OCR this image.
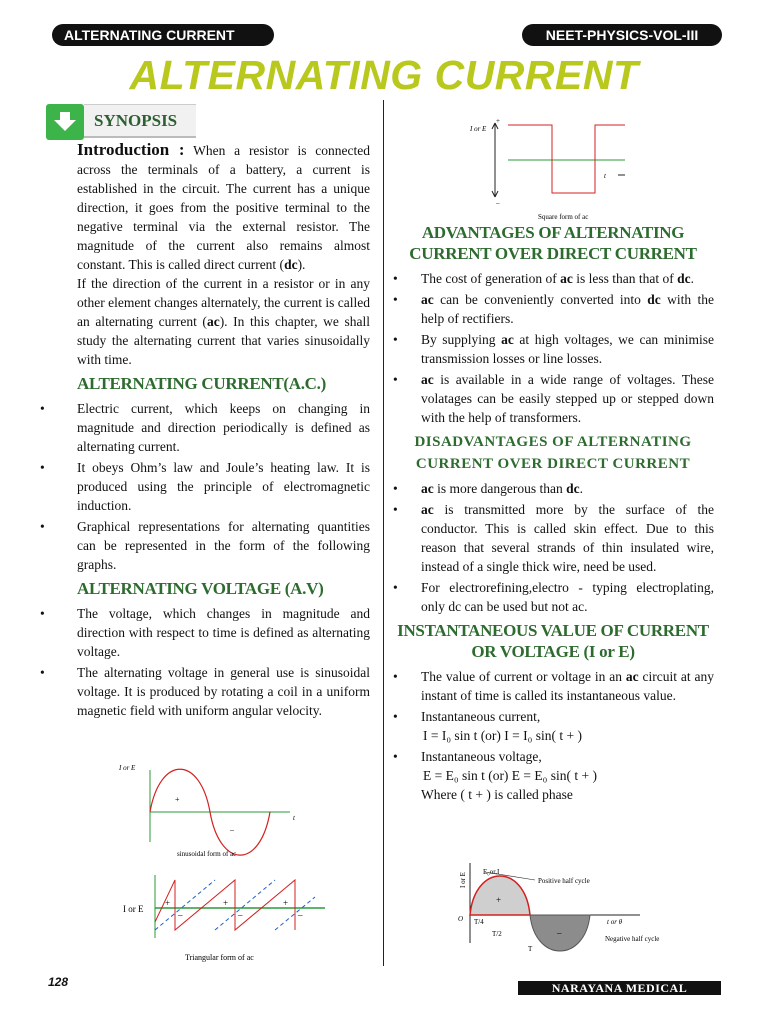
ALTERNATING CURRENT	NEET-PHYSICS-VOL-III
ALTERNATING CURRENT
SYNOPSIS

Introduction : When a resistor is connected across the terminals of a battery, a current is established in the circuit. The current has a unique direction, it goes from the positive terminal to the negative terminal via the external resistor. The magnitude of the current also remains almost constant. This is called direct current (dc).

If the direction of the current in a resistor or in any other element changes alternately, the current is called an alternating current (ac). In this chapter, we shall study the alternating current that varies sinusoidally with time.

ALTERNATING CURRENT(A.C.)
• Electric current, which keeps on changing in magnitude and direction periodically is defined as alternating current.
• It obeys Ohm’s law and Joule’s heating law. It is produced using the principle of electromagnetic induction.
• Graphical representations for alternating quantities can be represented in the form of the following graphs.
ALTERNATING VOLTAGE (A.V)
• The voltage, which changes in magnitude and direction with respect to time is defined as alternating voltage.
• The alternating voltage in general use is sinusoidal voltage. It is produced by rotating a coil in a uniform magnetic field with uniform angular velocity.
I or E
t
+
–
sinusoidal form of ac
I or E
+	+	+
–	–	–
Triangular form of ac
I or E
t
+
–
Square form of ac
ADVANTAGES OF ALTERNATING CURRENT OVER DIRECT CURRENT
• The cost of generation of ac is less than that of dc.
• ac can be conveniently converted into dc with the help of rectifiers.
• By supplying ac at high voltages, we can minimise transmission losses or line losses.
• ac is available in a wide range of voltages. These volatages can be easily stepped up or stepped down with the help of transformers.
DISADVANTAGES OF ALTERNATING CURRENT OVER DIRECT CURRENT
• ac is more dangerous than dc.
• ac is transmitted more by the surface of the conductor. This is called skin effect. Due to this reason that several strands of thin insulated wire, instead of a single thick wire, need be used.
• For electrorefining,electro - typing electroplating, only dc can be used but not ac.
INSTANTANEOUS VALUE OF CURRENT OR VOLTAGE (I or E)
• The value of current or voltage in an ac circuit at any instant of time is called its instantaneous value.
• Instantaneous current,
I = I₀ sin t (or) I = I₀ sin( t + )
• Instantaneous voltage,
E = E₀ sin t (or) E = E₀ sin( t + )
Where ( t + ) is called phase
I or E
E₀or,I
Positive half cycle
+
–
O T/4
T/2
T
t or θ
Negative half cycle
128	NARAYANA MEDICAL ACADEMY
